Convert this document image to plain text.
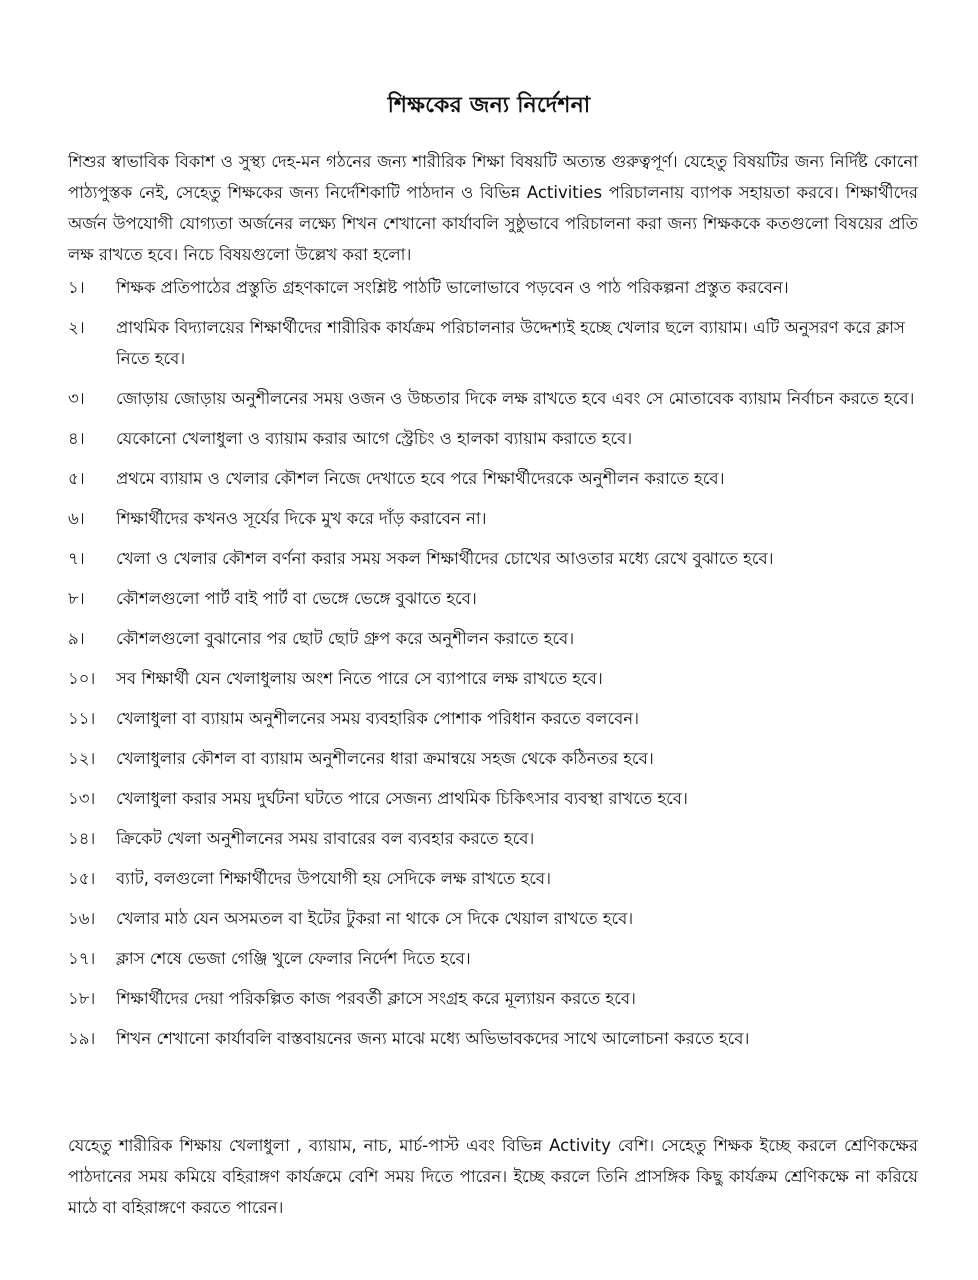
শিক্ষকের জন্য নির্দেশনা
শিশুর স্বাভাবিক বিকাশ ও সুস্থ্য দেহ-মন গঠনের জন্য শারীরিক শিক্ষা বিষয়টি অত্যন্ত গুরুত্বপূর্ণ। যেহেতু বিষয়টির জন্য নির্দিষ্ট কোনো পাঠ্যপুস্তক নেই, সেহেতু শিক্ষকের জন্য নির্দেশিকাটি পাঠদান ও বিভিন্ন Activities পরিচালনায় ব্যাপক সহায়তা করবে। শিক্ষার্থীদের অর্জন উপযোগী যোগ্যতা অর্জনের লক্ষ্যে শিখন শেখানো কার্যাবলি সুষ্ঠুভাবে পরিচালনা করা জন্য শিক্ষককে কতগুলো বিষয়ের প্রতি লক্ষ রাখতে হবে। নিচে বিষয়গুলো উল্লেখ করা হলো।
১।	শিক্ষক প্রতিপাঠের প্রস্তুতি গ্রহণকালে সংশ্লিষ্ট পাঠটি ভালোভাবে পড়বেন ও পাঠ পরিকল্পনা প্রস্তুত করবেন।
২।	প্রাথমিক বিদ্যালয়ের শিক্ষার্থীদের শারীরিক কার্যক্রম পরিচালনার উদ্দেশ্যই হচ্ছে খেলার ছলে ব্যায়াম। এটি অনুসরণ করে ক্লাস নিতে হবে।
৩।	জোড়ায় জোড়ায় অনুশীলনের সময় ওজন ও উচ্চতার দিকে লক্ষ রাখতে হবে এবং সে মোতাবেক ব্যায়াম নির্বাচন করতে হবে।
৪।	যেকোনো খেলাধুলা ও ব্যায়াম করার আগে স্ট্রেচিং ও হালকা ব্যায়াম করাতে হবে।
৫।	প্রথমে ব্যায়াম ও খেলার কৌশল নিজে দেখাতে হবে পরে শিক্ষার্থীদেরকে অনুশীলন করাতে হবে।
৬।	শিক্ষার্থীদের কখনও সূর্যের দিকে মুখ করে দাঁড় করাবেন না।
৭।	খেলা ও খেলার কৌশল বর্ণনা করার সময় সকল শিক্ষার্থীদের চোখের আওতার মধ্যে রেখে বুঝাতে হবে।
৮।	কৌশলগুলো পার্ট বাই পার্ট বা ভেঙ্গে ভেঙ্গে বুঝাতে হবে।
৯।	কৌশলগুলো বুঝানোর পর ছোট ছোট গ্রুপ করে অনুশীলন করাতে হবে।
১০।	সব শিক্ষার্থী যেন খেলাধুলায় অংশ নিতে পারে সে ব্যাপারে লক্ষ রাখতে হবে।
১১।	খেলাধুলা বা ব্যায়াম অনুশীলনের সময় ব্যবহারিক পোশাক পরিধান করতে বলবেন।
১২।	খেলাধুলার কৌশল বা ব্যায়াম অনুশীলনের ধারা ক্রমান্বয়ে সহজ থেকে কঠিনতর হবে।
১৩।	খেলাধুলা করার সময় দুর্ঘটনা ঘটতে পারে সেজন্য প্রাথমিক চিকিৎসার ব্যবস্থা রাখতে হবে।
১৪।	ক্রিকেট খেলা অনুশীলনের সময় রাবারের বল ব্যবহার করতে হবে।
১৫।	ব্যাট, বলগুলো শিক্ষার্থীদের উপযোগী হয় সেদিকে লক্ষ রাখতে হবে।
১৬।	খেলার মাঠ যেন অসমতল বা ইটের টুকরা না থাকে সে দিকে খেয়াল রাখতে হবে।
১৭।	ক্লাস শেষে ভেজা গেঞ্জি খুলে ফেলার নির্দেশ দিতে হবে।
১৮।	শিক্ষার্থীদের দেয়া পরিকল্পিত কাজ পরবর্তী ক্লাসে সংগ্রহ করে মূল্যায়ন করতে হবে।
১৯।	শিখন শেখানো কার্যাবলি বাস্তবায়নের জন্য মাঝে মধ্যে অভিভাবকদের সাথে আলোচনা করতে হবে।
যেহেতু শারীরিক শিক্ষায় খেলাধুলা , ব্যায়াম, নাচ, মার্চ-পাস্ট এবং বিভিন্ন Activity বেশি। সেহেতু শিক্ষক ইচ্ছে করলে শ্রেণিকক্ষের পাঠদানের সময় কমিয়ে বহিরাঙ্গণ কার্যক্রমে বেশি সময় দিতে পারেন। ইচ্ছে করলে তিনি প্রাসঙ্গিক কিছু কার্যক্রম শ্রেণিকক্ষে না করিয়ে মাঠে বা বহিরাঙ্গণে করতে পারেন।
